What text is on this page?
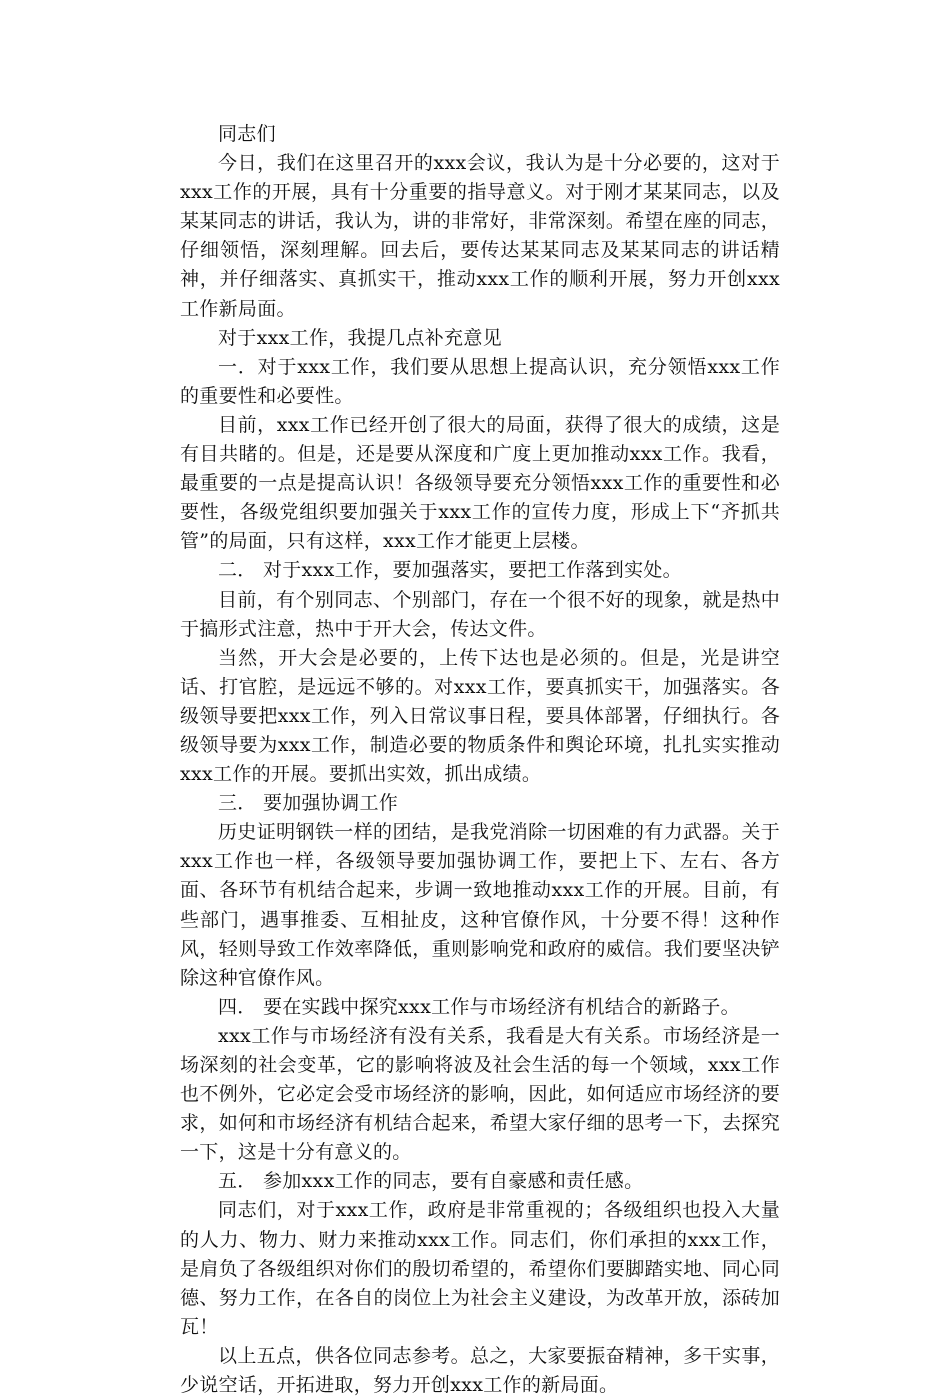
同志们

今日，我们在这里召开的xxx会议，我认为是十分必要的，这对于xxx工作的开展，具有十分重要的指导意义。对于刚才某某同志，以及某某同志的讲话，我认为，讲的非常好，非常深刻。希望在座的同志，仔细领悟，深刻理解。回去后，要传达某某同志及某某同志的讲话精神，并仔细落实、真抓实干，推动xxx工作的顺利开展，努力开创xxx工作新局面。

对于xxx工作，我提几点补充意见

一．对于xxx工作，我们要从思想上提高认识，充分领悟xxx工作的重要性和必要性。

目前，xxx工作已经开创了很大的局面，获得了很大的成绩，这是有目共睹的。但是，还是要从深度和广度上更加推动xxx工作。我看，最重要的一点是提高认识！各级领导要充分领悟xxx工作的重要性和必要性，各级党组织要加强关于xxx工作的宣传力度，形成上下“齐抓共管”的局面，只有这样，xxx工作才能更上层楼。

二． 对于xxx工作，要加强落实，要把工作落到实处。

目前，有个别同志、个别部门，存在一个很不好的现象，就是热中于搞形式注意，热中于开大会，传达文件。

当然，开大会是必要的，上传下达也是必须的。但是，光是讲空话、打官腔，是远远不够的。对xxx工作，要真抓实干，加强落实。各级领导要把xxx工作，列入日常议事日程，要具体部署，仔细执行。各级领导要为xxx工作，制造必要的物质条件和舆论环境，扎扎实实推动xxx工作的开展。要抓出实效，抓出成绩。

三． 要加强协调工作

历史证明钢铁一样的团结，是我党消除一切困难的有力武器。关于xxx工作也一样，各级领导要加强协调工作，要把上下、左右、各方面、各环节有机结合起来，步调一致地推动xxx工作的开展。目前，有些部门，遇事推委、互相扯皮，这种官僚作风，十分要不得！这种作风，轻则导致工作效率降低，重则影响党和政府的威信。我们要坚决铲除这种官僚作风。

四． 要在实践中探究xxx工作与市场经济有机结合的新路子。

xxx工作与市场经济有没有关系，我看是大有关系。市场经济是一场深刻的社会变革，它的影响将波及社会生活的每一个领域，xxx工作也不例外，它必定会受市场经济的影响，因此，如何适应市场经济的要求，如何和市场经济有机结合起来，希望大家仔细的思考一下，去探究一下，这是十分有意义的。

五． 参加xxx工作的同志，要有自豪感和责任感。

同志们，对于xxx工作，政府是非常重视的；各级组织也投入大量的人力、物力、财力来推动xxx工作。同志们，你们承担的xxx工作，是肩负了各级组织对你们的殷切希望的，希望你们要脚踏实地、同心同德、努力工作，在各自的岗位上为社会主义建设，为改革开放，添砖加瓦！

以上五点，供各位同志参考。总之，大家要振奋精神，多干实事，少说空话，开拓进取，努力开创xxx工作的新局面。
